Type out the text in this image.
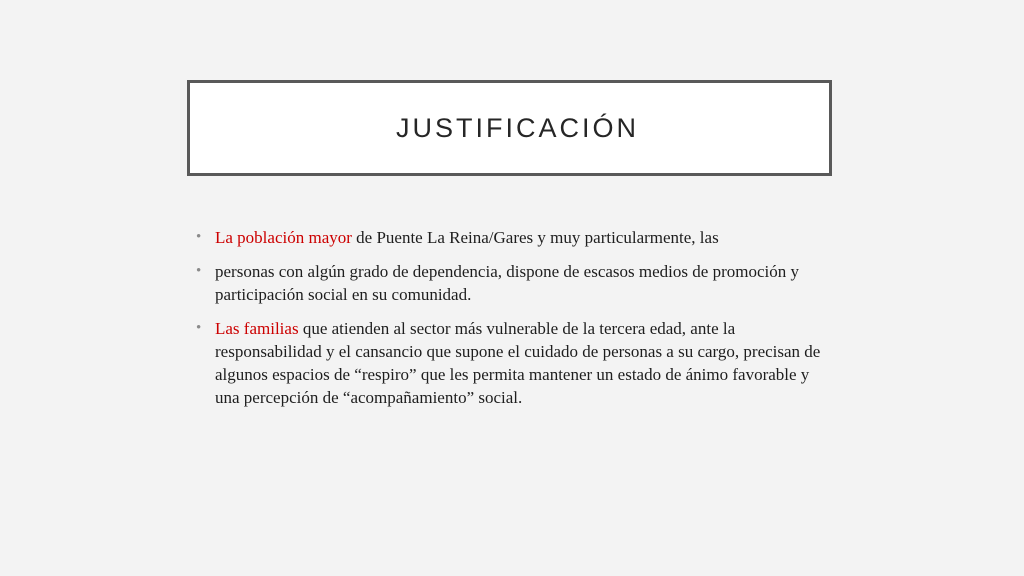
JUSTIFICACIÓN
• La población mayor de Puente La Reina/Gares y muy particularmente, las
• personas con algún grado de dependencia, dispone de escasos medios de promoción y participación social en su comunidad.
• Las familias que atienden al sector más vulnerable de la tercera edad, ante la responsabilidad y el cansancio que supone el cuidado de personas a su cargo, precisan de algunos espacios de “respiro” que les permita mantener un estado de ánimo favorable y una percepción de “acompañamiento” social.
